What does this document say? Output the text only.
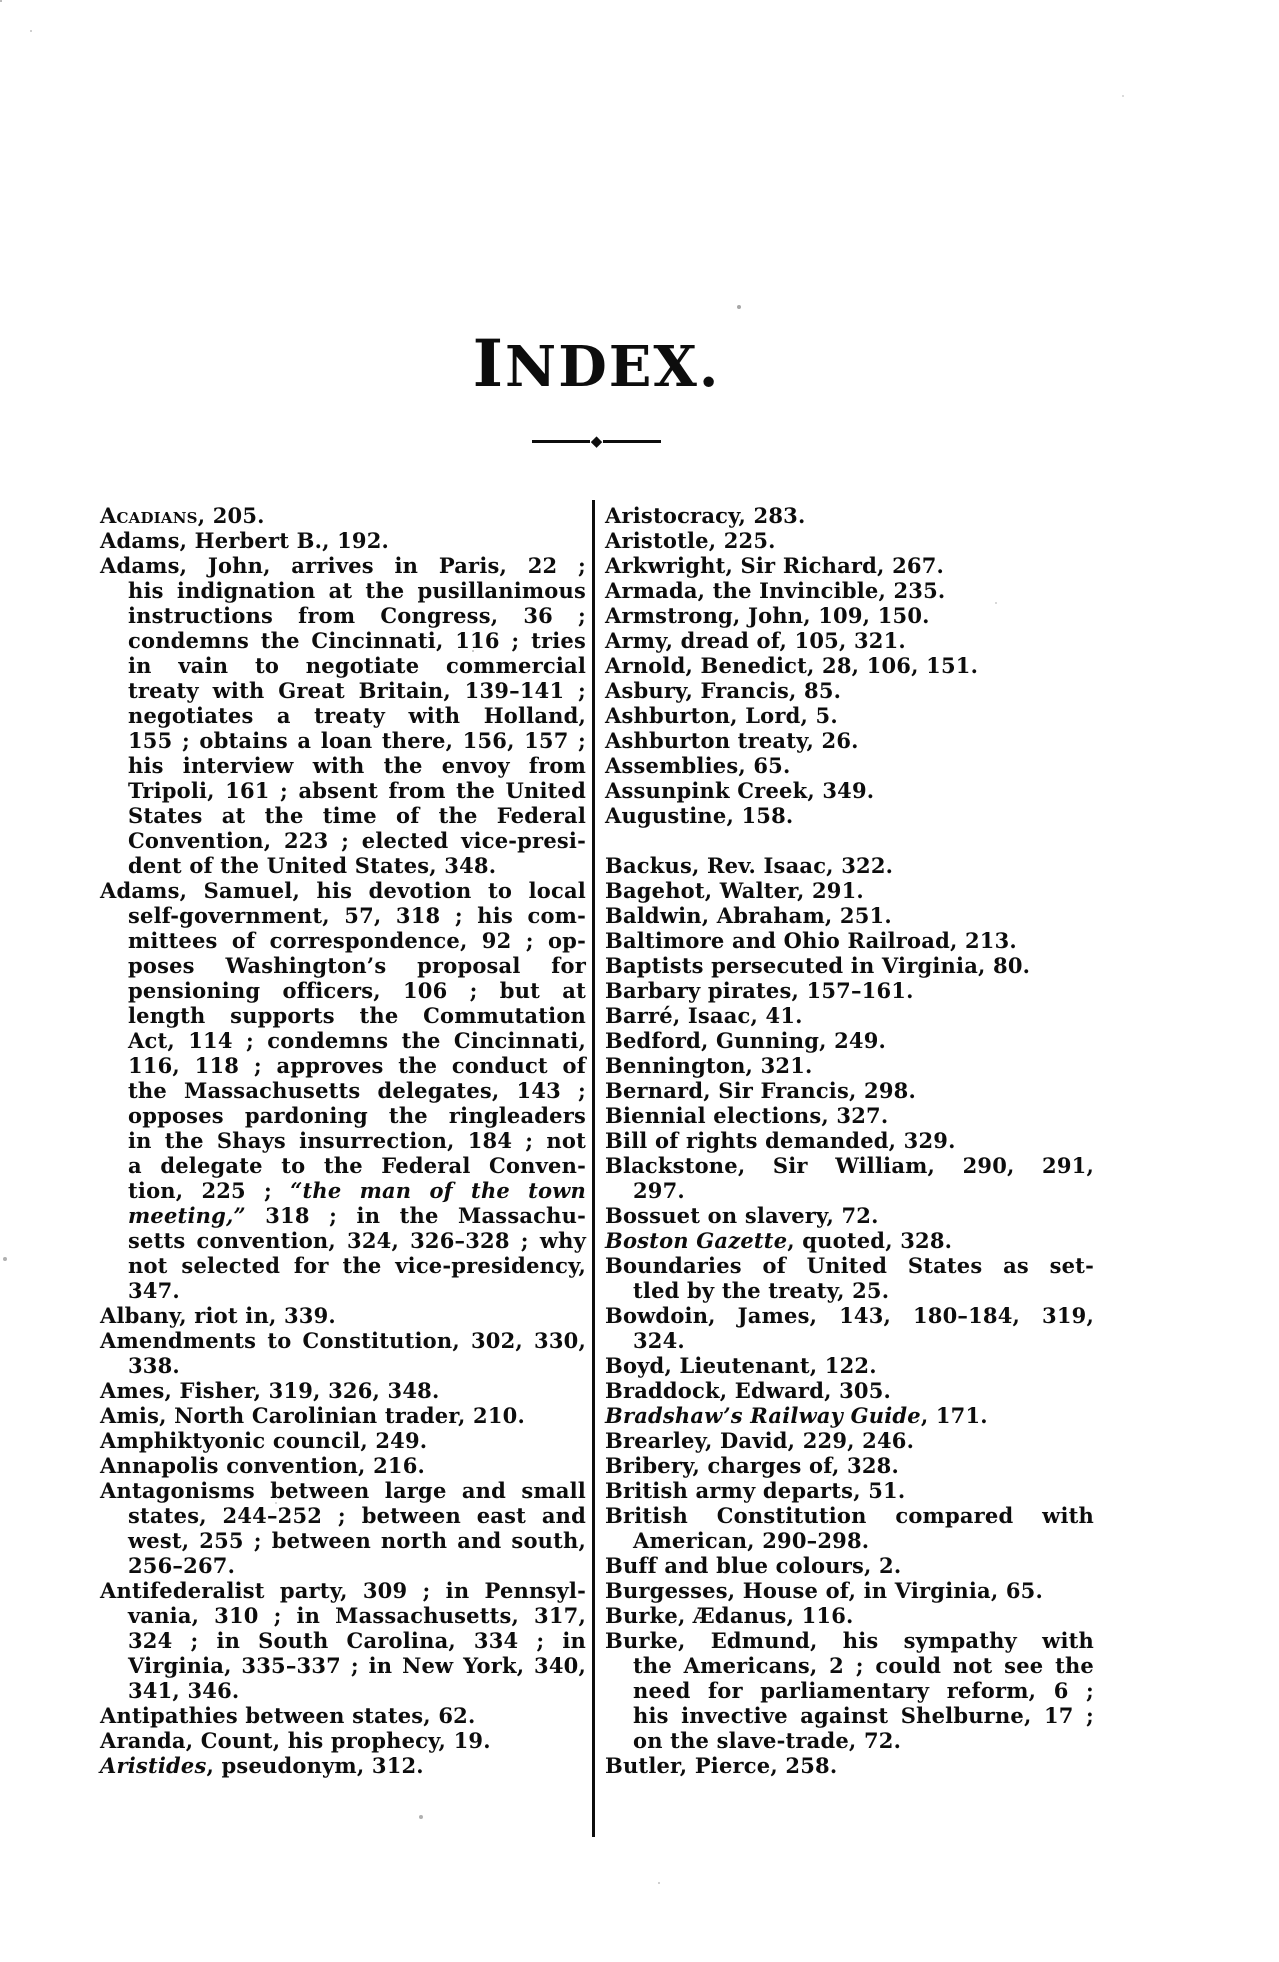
INDEX.
◆
Acadians, 205.
Adams, Herbert B., 192.
Adams, John, arrives in Paris, 22 ;
his indignation at the pusillanimous
instructions from Congress, 36 ;
condemns the Cincinnati, 116 ; tries
in vain to negotiate commercial
treaty with Great Britain, 139–141 ;
negotiates a treaty with Holland,
155 ; obtains a loan there, 156, 157 ;
his interview with the envoy from
Tripoli, 161 ; absent from the United
States at the time of the Federal
Convention, 223 ; elected vice-presi-
dent of the United States, 348.
Adams, Samuel, his devotion to local
self-government, 57, 318 ; his com-
mittees of correspondence, 92 ; op-
poses Washington’s proposal for
pensioning officers, 106 ; but at
length supports the Commutation
Act, 114 ; condemns the Cincinnati,
116, 118 ; approves the conduct of
the Massachusetts delegates, 143 ;
opposes pardoning the ringleaders
in the Shays insurrection, 184 ; not
a delegate to the Federal Conven-
tion, 225 ; “the man of the town
meeting,” 318 ; in the Massachu-
setts convention, 324, 326–328 ; why
not selected for the vice-presidency,
347.
Albany, riot in, 339.
Amendments to Constitution, 302, 330,
338.
Ames, Fisher, 319, 326, 348.
Amis, North Carolinian trader, 210.
Amphiktyonic council, 249.
Annapolis convention, 216.
Antagonisms between large and small
states, 244–252 ; between east and
west, 255 ; between north and south,
256–267.
Antifederalist party, 309 ; in Pennsyl-
vania, 310 ; in Massachusetts, 317,
324 ; in South Carolina, 334 ; in
Virginia, 335–337 ; in New York, 340,
341, 346.
Antipathies between states, 62.
Aranda, Count, his prophecy, 19.
Aristides, pseudonym, 312.
Aristocracy, 283.
Aristotle, 225.
Arkwright, Sir Richard, 267.
Armada, the Invincible, 235.
Armstrong, John, 109, 150.
Army, dread of, 105, 321.
Arnold, Benedict, 28, 106, 151.
Asbury, Francis, 85.
Ashburton, Lord, 5.
Ashburton treaty, 26.
Assemblies, 65.
Assunpink Creek, 349.
Augustine, 158.
Backus, Rev. Isaac, 322.
Bagehot, Walter, 291.
Baldwin, Abraham, 251.
Baltimore and Ohio Railroad, 213.
Baptists persecuted in Virginia, 80.
Barbary pirates, 157–161.
Barré, Isaac, 41.
Bedford, Gunning, 249.
Bennington, 321.
Bernard, Sir Francis, 298.
Biennial elections, 327.
Bill of rights demanded, 329.
Blackstone, Sir William, 290, 291,
297.
Bossuet on slavery, 72.
Boston Gazette, quoted, 328.
Boundaries of United States as set-
tled by the treaty, 25.
Bowdoin, James, 143, 180–184, 319,
324.
Boyd, Lieutenant, 122.
Braddock, Edward, 305.
Bradshaw’s Railway Guide, 171.
Brearley, David, 229, 246.
Bribery, charges of, 328.
British army departs, 51.
British Constitution compared with
American, 290–298.
Buff and blue colours, 2.
Burgesses, House of, in Virginia, 65.
Burke, Ædanus, 116.
Burke, Edmund, his sympathy with
the Americans, 2 ; could not see the
need for parliamentary reform, 6 ;
his invective against Shelburne, 17 ;
on the slave-trade, 72.
Butler, Pierce, 258.
